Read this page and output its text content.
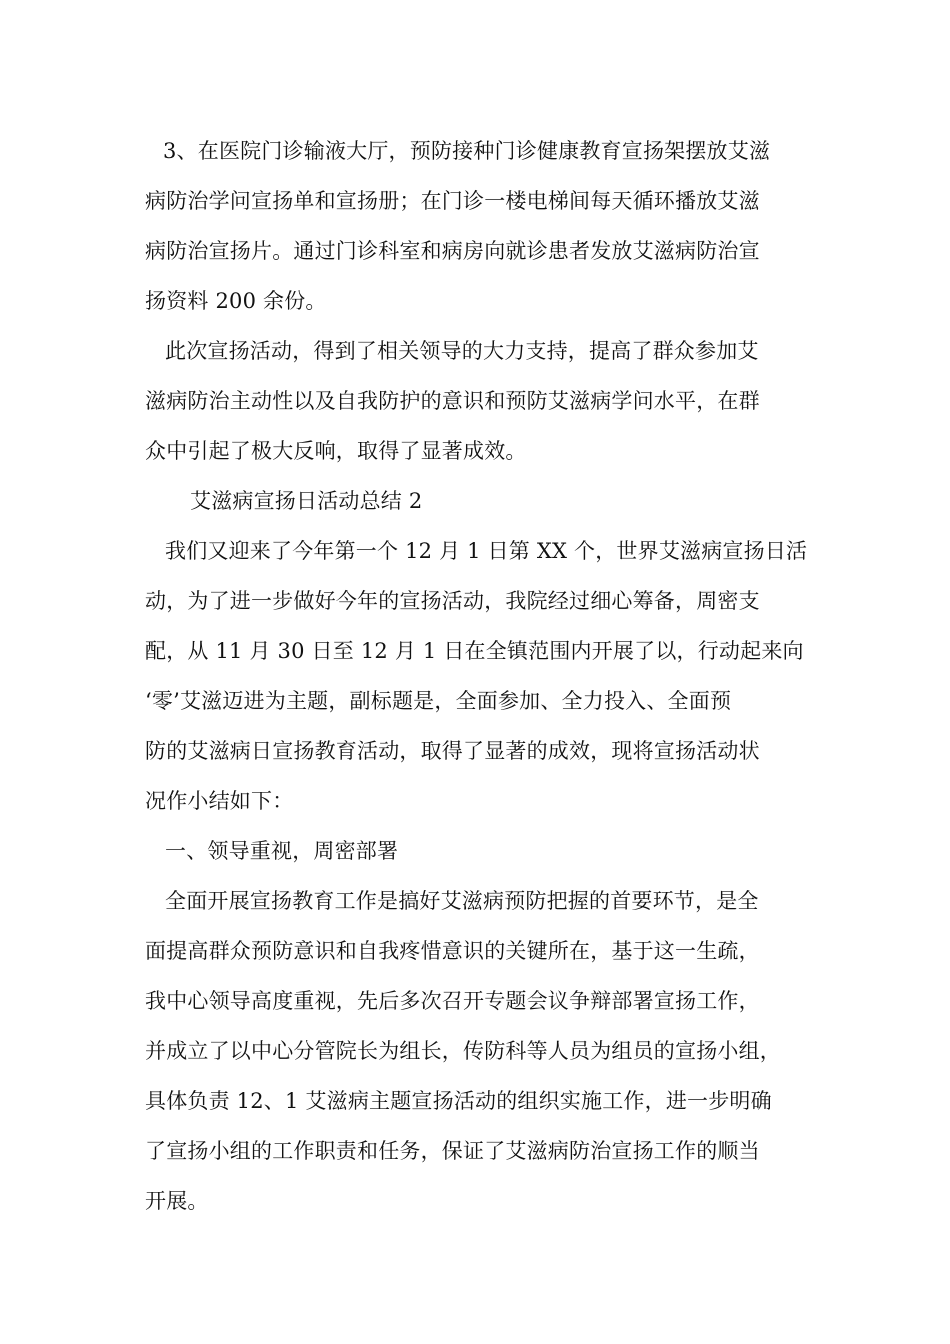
3、在医院门诊输液大厅，预防接种门诊健康教育宣扬架摆放艾滋
病防治学问宣扬单和宣扬册；在门诊一楼电梯间每天循环播放艾滋
病防治宣扬片。通过门诊科室和病房向就诊患者发放艾滋病防治宣
扬资料 200 余份。
此次宣扬活动，得到了相关领导的大力支持，提高了群众参加艾
滋病防治主动性以及自我防护的意识和预防艾滋病学问水平，在群
众中引起了极大反响，取得了显著成效。
艾滋病宣扬日活动总结 2
我们又迎来了今年第一个 12 月 1 日第 XX 个，世界艾滋病宣扬日活
动，为了进一步做好今年的宣扬活动，我院经过细心筹备，周密支
配，从 11 月 30 日至 12 月 1 日在全镇范围内开展了以，行动起来向
‘零’艾滋迈进为主题，副标题是，全面参加、全力投入、全面预
防的艾滋病日宣扬教育活动，取得了显著的成效，现将宣扬活动状
况作小结如下：
一、领导重视，周密部署
全面开展宣扬教育工作是搞好艾滋病预防把握的首要环节，是全
面提高群众预防意识和自我疼惜意识的关键所在，基于这一生疏，
我中心领导高度重视，先后多次召开专题会议争辩部署宣扬工作，
并成立了以中心分管院长为组长，传防科等人员为组员的宣扬小组，
具体负责 12、1 艾滋病主题宣扬活动的组织实施工作，进一步明确
了宣扬小组的工作职责和任务，保证了艾滋病防治宣扬工作的顺当
开展。
